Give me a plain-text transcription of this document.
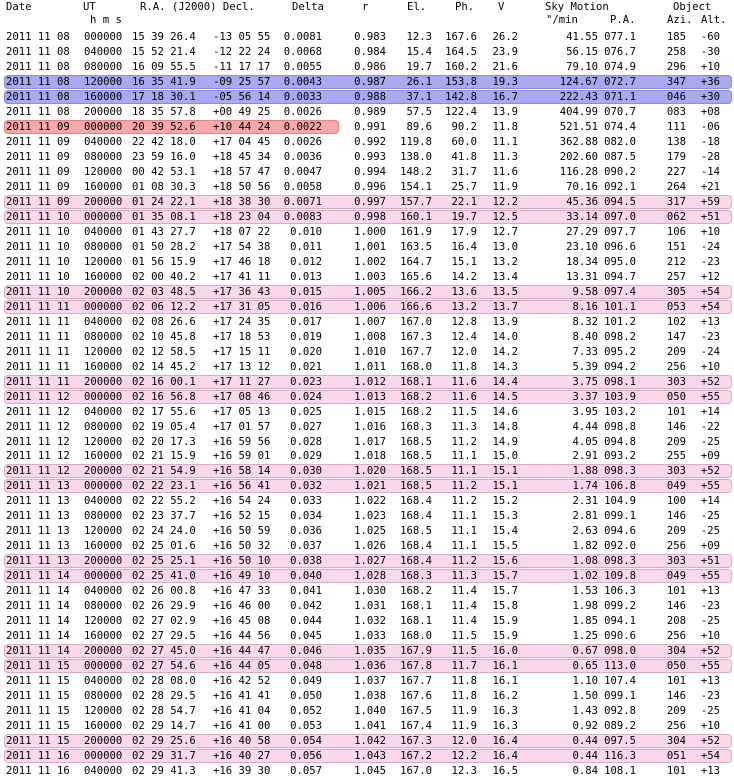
Date	UT
h m s
R.A. (J2000) Decl.	Delta	r	El.	Ph. V	Sky Motion
"/min	P.A.
Object
Azi. Alt.
2011 11 08 000000 15 39 26.4 -13 05 55 0.0081	0.983 12.3 167.6 26.2	41.55 077.1	185 -60
2011 11 08 040000 15 52 21.4 -12 22 24 0.0068	0.984 15.4 164.5 23.9	56.15 076.7	258 -30
2011 11 08 080000 16 09 55.5 -11 17 17 0.0055	0.986 19.7 160.2 21.6	79.10 074.9	296 +10
2011 11 08 120000 16 35 41.9 -09 25 57 0.0043	0.987 26.1 153.8 19.3	124.67 072.7	347 +36
2011 11 08 160000 17 18 30.1 -05 56 14 0.0033	0.988 37.1 142.8 16.7	222.43 071.1	046 +30
2011 11 08 200000 18 35 57.8 +00 49 25 0.0026	0.989 57.5 122.4 13.9	404.99 070.7	083 +08
2011 11 09 000000 20 39 52.6 +10 44 24 0.0022	0.991 89.6 90.2 11.8	521.51 074.4	111 -06
2011 11 09 040000 22 42 18.0 +17 04 45 0.0026	0.992 119.8 60.0 11.1	362.88 082.0	138 -18
2011 11 09 080000 23 59 16.0 +18 45 34 0.0036	0.993 138.0 41.8 11.3	202.60 087.5	179 -28
2011 11 09 120000 00 42 53.1 +18 57 47 0.0047	0.994 148.2 31.7 11.6	116.28 090.2	227 -14
2011 11 09 160000 01 08 30.3 +18 50 56 0.0058	0.996 154.1 25.7 11.9	70.16 092.1	264 +21
2011 11 09 200000 01 24 22.1 +18 38 30 0.0071	0.997 157.7 22.1 12.2	45.36 094.5	317 +59
2011 11 10 000000 01 35 08.1 +18 23 04 0.0083	0.998 160.1 19.7 12.5	33.14 097.0	062 +51
2011 11 10 040000 01 43 27.7 +18 07 22 0.010	1.000 161.9 17.9 12.7	27.29 097.7	106 +10
2011 11 10 080000 01 50 28.2 +17 54 38 0.011	1.001 163.5 16.4 13.0	23.10 096.6	151 -24
2011 11 10 120000 01 56 15.9 +17 46 18 0.012	1.002 164.7 15.1 13.2	18.34 095.0	212 -23
2011 11 10 160000 02 00 40.2 +17 41 11 0.013	1.003 165.6 14.2 13.4	13.31 094.7	257 +12
2011 11 10 200000 02 03 48.5 +17 36 43 0.015	1.005 166.2 13.6 13.5	9.58 097.4	305 +54
2011 11 11 000000 02 06 12.2 +17 31 05 0.016	1.006 166.6 13.2 13.7	8.16 101.1	053 +54
2011 11 11 040000 02 08 26.6 +17 24 35 0.017	1.007 167.0 12.8 13.9	8.32 101.2	102 +13
2011 11 11 080000 02 10 45.8 +17 18 53 0.019	1.008 167.3 12.4 14.0	8.40 098.2	147 -23
2011 11 11 120000 02 12 58.5 +17 15 11 0.020	1.010 167.7 12.0 14.2	7.33 095.2	209 -24
2011 11 11 160000 02 14 45.2 +17 13 12 0.021	1.011 168.0 11.8 14.3	5.39 094.2	256 +10
2011 11 11 200000 02 16 00.1 +17 11 27 0.023	1.012 168.1 11.6 14.4	3.75 098.1	303 +52
2011 11 12 000000 02 16 56.8 +17 08 46 0.024	1.013 168.2 11.6 14.5	3.37 103.9	050 +55
2011 11 12 040000 02 17 55.6 +17 05 13 0.025	1.015 168.2 11.5 14.6	3.95 103.2	101 +14
2011 11 12 080000 02 19 05.4 +17 01 57 0.027	1.016 168.3 11.3 14.8	4.44 098.8	146 -22
2011 11 12 120000 02 20 17.3 +16 59 56 0.028	1.017 168.5 11.2 14.9	4.05 094.8	209 -25
2011 11 12 160000 02 21 15.9 +16 59 01 0.029	1.018 168.5 11.1 15.0	2.91 093.2	255 +09
2011 11 12 200000 02 21 54.9 +16 58 14 0.030	1.020 168.5 11.1 15.1	1.88 098.3	303 +52
2011 11 13 000000 02 22 23.1 +16 56 41 0.032	1.021 168.5 11.2 15.1	1.74 106.8	049 +55
2011 11 13 040000 02 22 55.2 +16 54 24 0.033	1.022 168.4 11.2 15.2	2.31 104.9	100 +14
2011 11 13 080000 02 23 37.7 +16 52 15 0.034	1.023 168.4 11.1 15.3	2.81 099.1	146 -25
2011 11 13 120000 02 24 24.0 +16 50 59 0.036	1.025 168.5 11.1 15.4	2.63 094.6	209 -25
2011 11 13 160000 02 25 01.6 +16 50 32 0.037	1.026 168.4 11.1 15.5	1.82 092.0	256 +09
2011 11 13 200000 02 25 25.1 +16 50 10 0.038	1.027 168.4 11.2 15.6	1.08 098.3	303 +51
2011 11 14 000000 02 25 41.0 +16 49 10 0.040	1.028 168.3 11.3 15.7	1.02 109.8	049 +55
2011 11 14 040000 02 26 00.8 +16 47 33 0.041	1.030 168.2 11.4 15.7	1.53 106.3	101 +13
2011 11 14 080000 02 26 29.9 +16 46 00 0.042	1.031 168.1 11.4 15.8	1.98 099.2	146 -23
2011 11 14 120000 02 27 02.9 +16 45 08 0.044	1.032 168.1 11.4 15.9	1.85 094.1	208 -25
2011 11 14 160000 02 27 29.5 +16 44 56 0.045	1.033 168.0 11.5 15.9	1.25 090.6	256 +10
2011 11 14 200000 02 27 45.0 +16 44 47 0.046	1.035 167.9 11.5 16.0	0.67 098.0	304 +52
2011 11 15 000000 02 27 54.6 +16 44 05 0.048	1.036 167.8 11.7 16.1	0.65 113.0	050 +55
2011 11 15 040000 02 28 08.0 +16 42 52 0.049	1.037 167.7 11.8 16.1	1.10 107.4	101 +13
2011 11 15 080000 02 28 29.5 +16 41 41 0.050	1.038 167.6 11.8 16.2	1.50 099.1	146 -23
2011 11 15 120000 02 28 54.7 +16 41 04 0.052	1.040 167.5 11.9 16.3	1.43 092.8	209 -25
2011 11 15 160000 02 29 14.7 +16 41 00 0.053	1.041 167.4 11.9 16.3	0.92 089.2	256 +10
2011 11 15 200000 02 29 25.6 +16 40 58 0.054	1.042 167.3 12.0 16.4	0.44 097.5	304 +52
2011 11 16 000000 02 29 31.7 +16 40 27 0.056	1.043 167.2 12.2 16.4	0.44 116.3	051 +54
2011 11 16 040000 02 29 41.3 +16 39 30 0.057	1.045 167.0 12.3 16.5	0.84 108.1	101 +13
